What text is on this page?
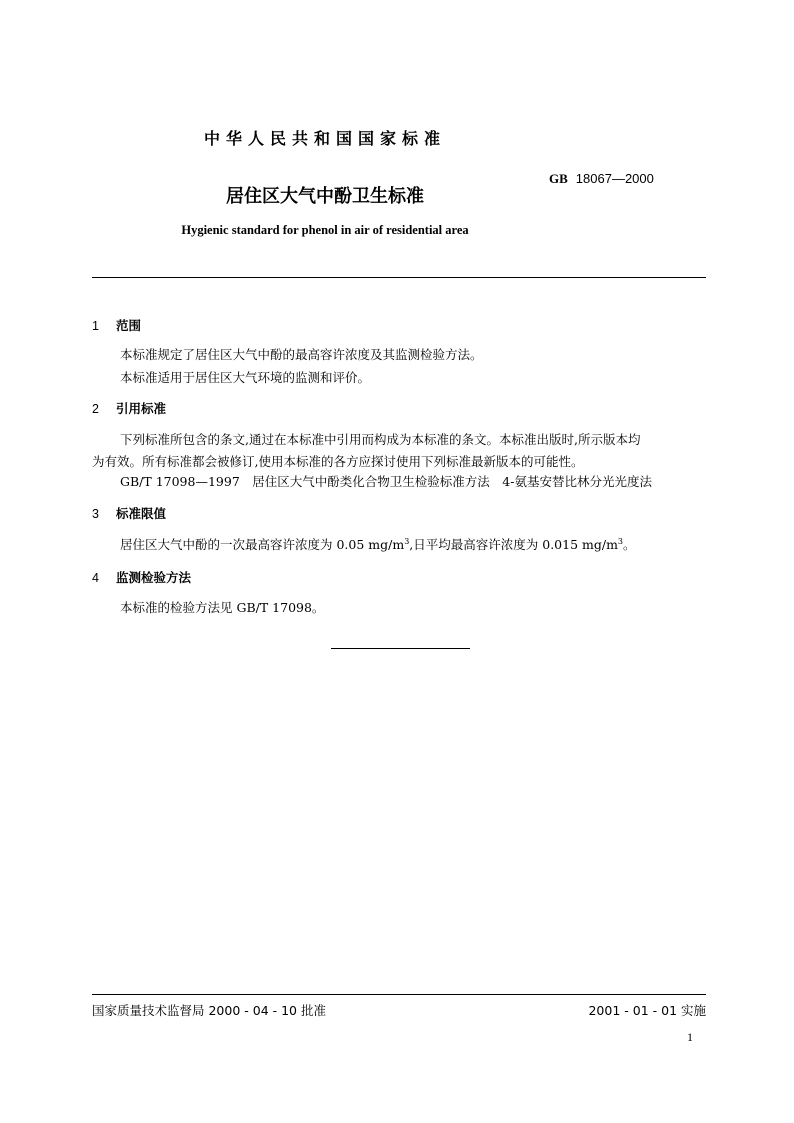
中华人民共和国国家标准
GB 18067—2000
居住区大气中酚卫生标准
Hygienic standard for phenol in air of residential area
1 范围
本标准规定了居住区大气中酚的最高容许浓度及其监测检验方法。
本标准适用于居住区大气环境的监测和评价。
2 引用标准
下列标准所包含的条文,通过在本标准中引用而构成为本标准的条文。本标准出版时,所示版本均
为有效。所有标准都会被修订,使用本标准的各方应探讨使用下列标准最新版本的可能性。
GB/T 17098—1997　居住区大气中酚类化合物卫生检验标准方法　4-氨基安替比林分光光度法
3 标准限值
居住区大气中酚的一次最高容许浓度为 0.05 $mg/m^3$,日平均最高容许浓度为 0.015 $mg/m^3$。
4 监测检验方法
本标准的检验方法见 GB/T 17098。
国家质量技术监督局 2000 - 04 - 10 批准	2001 - 01 - 01 实施
1
